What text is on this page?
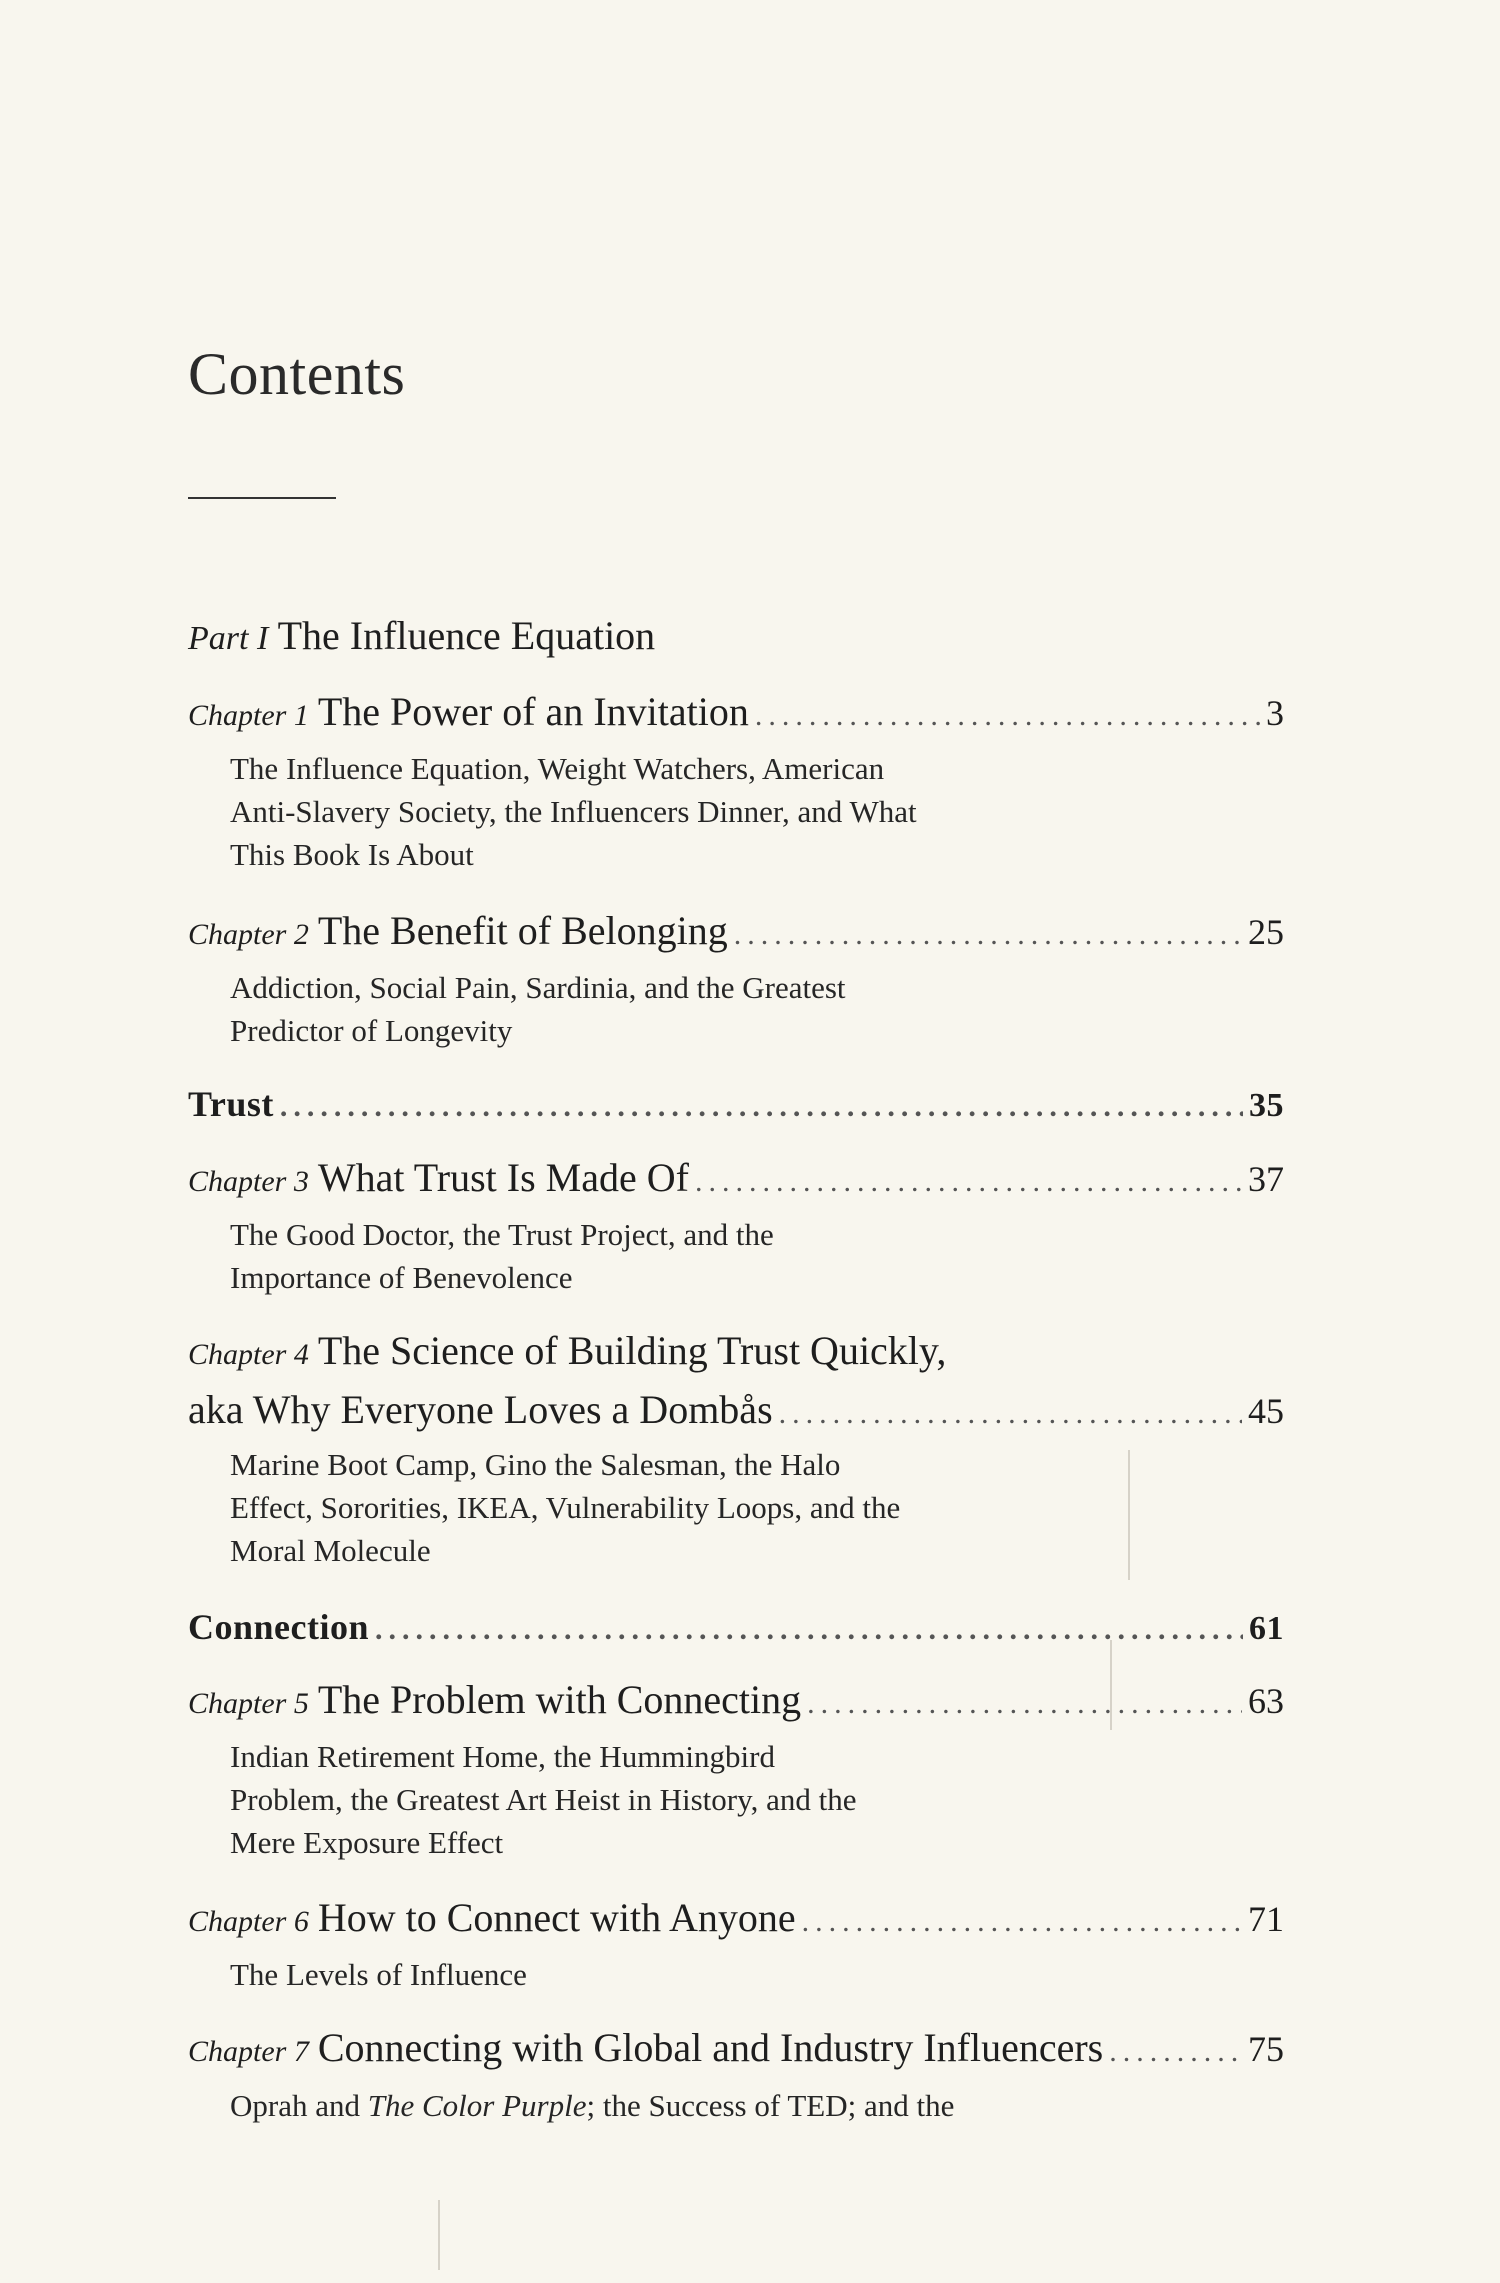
Contents
Part I The Influence Equation
Chapter 1 The Power of an Invitation .....	3
The Influence Equation, Weight Watchers, American
Anti-Slavery Society, the Influencers Dinner, and What
This Book Is About
Chapter 2 The Benefit of Belonging .....	25
Addiction, Social Pain, Sardinia, and the Greatest
Predictor of Longevity
Trust .....	35
Chapter 3 What Trust Is Made Of .....	37
The Good Doctor, the Trust Project, and the
Importance of Benevolence
Chapter 4 The Science of Building Trust Quickly,
aka Why Everyone Loves a Dombås .....	45
Marine Boot Camp, Gino the Salesman, the Halo
Effect, Sororities, IKEA, Vulnerability Loops, and the
Moral Molecule
Connection .....	61
Chapter 5 The Problem with Connecting .....	63
Indian Retirement Home, the Hummingbird
Problem, the Greatest Art Heist in History, and the
Mere Exposure Effect
Chapter 6 How to Connect with Anyone .....	71
The Levels of Influence
Chapter 7 Connecting with Global and Industry Influencers .....	75
Oprah and The Color Purple; the Success of TED; and the
